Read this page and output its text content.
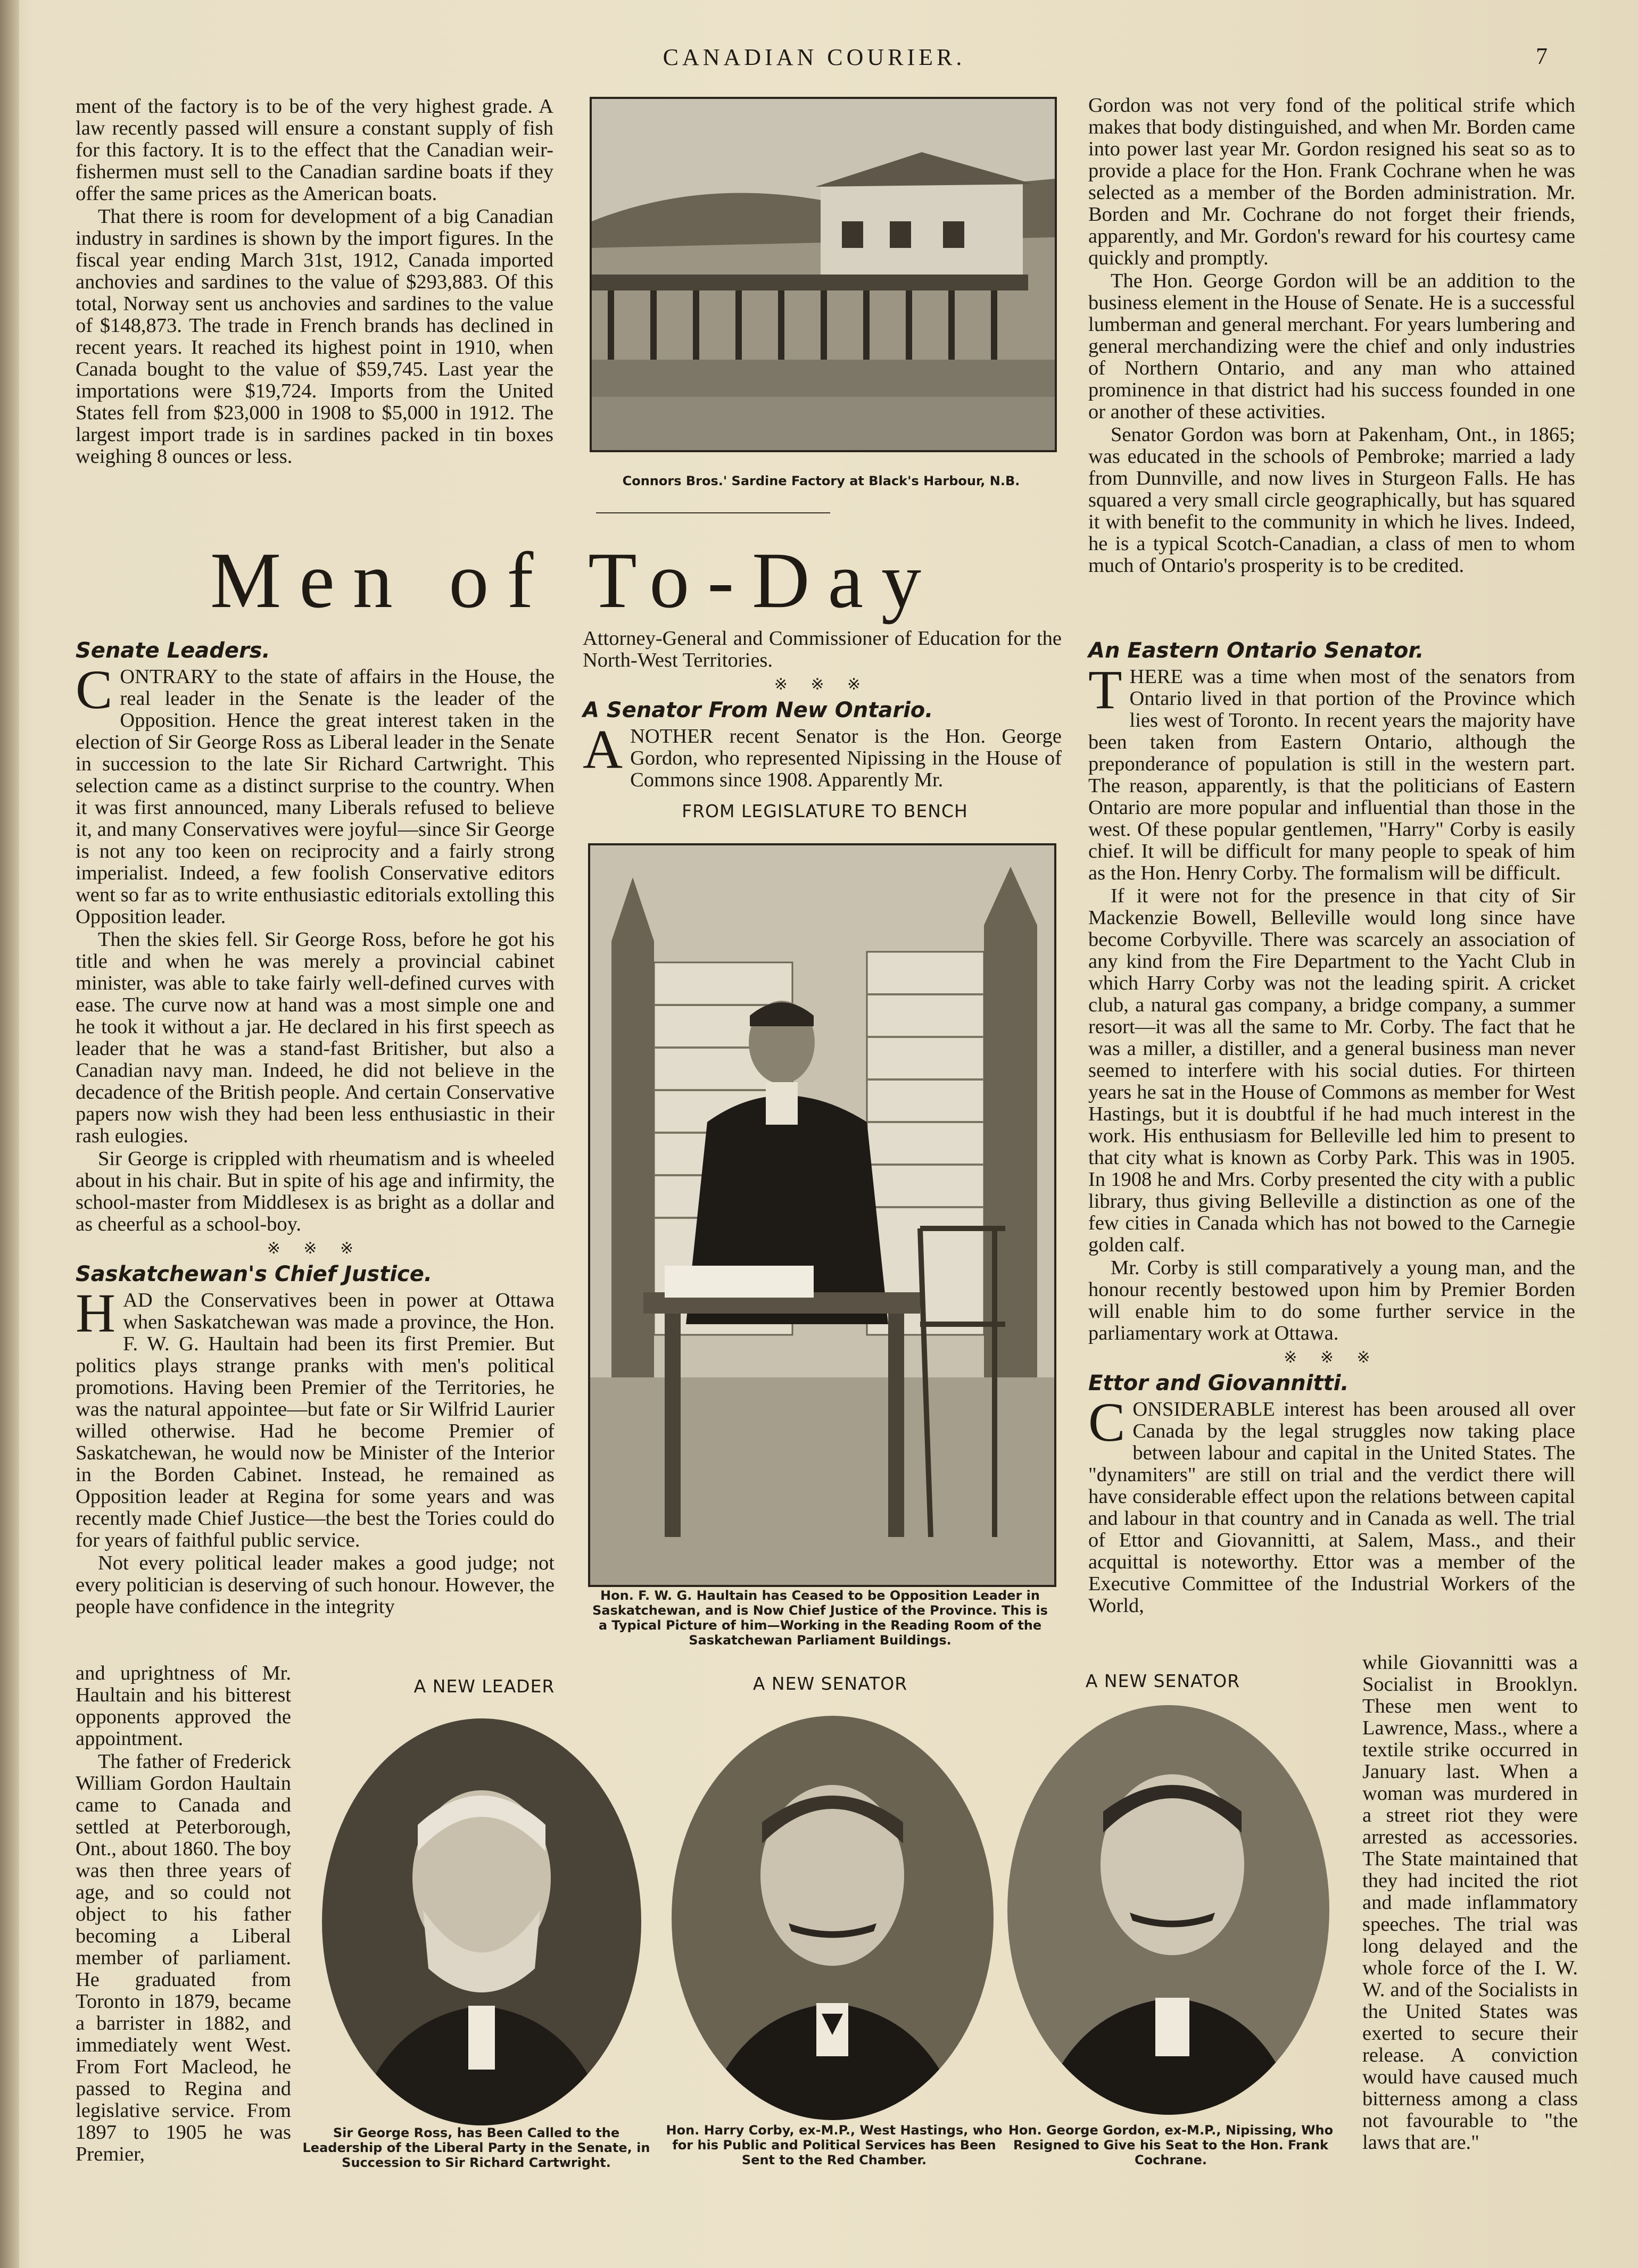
CANADIAN COURIER.	7

ment of the factory is to be of the very highest grade. A law recently passed will ensure a constant supply of fish for this factory. It is to the effect that the Canadian weir-fishermen must sell to the Canadian sardine boats if they offer the same prices as the American boats.

That there is room for development of a big Canadian industry in sardines is shown by the import figures. In the fiscal year ending March 31st, 1912, Canada imported anchovies and sardines to the value of $293,883. Of this total, Norway sent us anchovies and sardines to the value of $148,873. The trade in French brands has declined in recent years. It reached its highest point in 1910, when Canada bought to the value of $59,745. Last year the importations were $19,724. Imports from the United States fell from $23,000 in 1908 to $5,000 in 1912. The largest import trade is in sardines packed in tin boxes weighing 8 ounces or less.

Connors Bros.' Sardine Factory at Black's Harbour, N.B.

Gordon was not very fond of the political strife which makes that body distinguished, and when Mr. Borden came into power last year Mr. Gordon resigned his seat so as to provide a place for the Hon. Frank Cochrane when he was selected as a member of the Borden administration. Mr. Borden and Mr. Cochrane do not forget their friends, apparently, and Mr. Gordon's reward for his courtesy came quickly and promptly.

The Hon. George Gordon will be an addition to the business element in the House of Senate. He is a successful lumberman and general merchant. For years lumbering and general merchandizing were the chief and only industries of Northern Ontario, and any man who attained prominence in that district had his success founded in one or another of these activities.

Senator Gordon was born at Pakenham, Ont., in 1865; was educated in the schools of Pembroke; married a lady from Dunnville, and now lives in Sturgeon Falls. He has squared a very small circle geographically, but has squared it with benefit to the community in which he lives. Indeed, he is a typical Scotch-Canadian, a class of men to whom much of Ontario's prosperity is to be credited.

Men of To-Day
Senate Leaders.

CONTRARY to the state of affairs in the House, the real leader in the Senate is the leader of the Opposition. Hence the great interest taken in the election of Sir George Ross as Liberal leader in the Senate in succession to the late Sir Richard Cartwright. This selection came as a distinct surprise to the country. When it was first announced, many Liberals refused to believe it, and many Conservatives were joyful—since Sir George is not any too keen on reciprocity and a fairly strong imperialist. Indeed, a few foolish Conservative editors went so far as to write enthusiastic editorials extolling this Opposition leader.

Then the skies fell. Sir George Ross, before he got his title and when he was merely a provincial cabinet minister, was able to take fairly well-defined curves with ease. The curve now at hand was a most simple one and he took it without a jar. He declared in his first speech as leader that he was a stand-fast Britisher, but also a Canadian navy man. Indeed, he did not believe in the decadence of the British people. And certain Conservative papers now wish they had been less enthusiastic in their rash eulogies.

Sir George is crippled with rheumatism and is wheeled about in his chair. But in spite of his age and infirmity, the school-master from Middlesex is as bright as a dollar and as cheerful as a school-boy.

※ ※ ※
Saskatchewan's Chief Justice.

HAD the Conservatives been in power at Ottawa when Saskatchewan was made a province, the Hon. F. W. G. Haultain had been its first Premier. But politics plays strange pranks with men's political promotions. Having been Premier of the Territories, he was the natural appointee—but fate or Sir Wilfrid Laurier willed otherwise. Had he become Premier of Saskatchewan, he would now be Minister of the Interior in the Borden Cabinet. Instead, he remained as Opposition leader at Regina for some years and was recently made Chief Justice—the best the Tories could do for years of faithful public service.

Not every political leader makes a good judge; not every politician is deserving of such honour. However, the people have confidence in the integrity

and uprightness of Mr. Haultain and his bitterest opponents approved the appointment.

The father of Frederick William Gordon Haultain came to Canada and settled at Peterborough, Ont., about 1860. The boy was then three years of age, and so could not object to his father becoming a Liberal member of parliament. He graduated from Toronto in 1879, became a barrister in 1882, and immediately went West. From Fort Macleod, he passed to Regina and legislative service. From 1897 to 1905 he was Premier,

Attorney-General and Commissioner of Education for the North-West Territories.

※ ※ ※
A Senator From New Ontario.

ANOTHER recent Senator is the Hon. George Gordon, who represented Nipissing in the House of Commons since 1908. Apparently Mr.

FROM LEGISLATURE TO BENCH
Hon. F. W. G. Haultain has Ceased to be Opposition Leader in Saskatchewan, and is Now Chief Justice of the Province. This is a Typical Picture of him—Working in the Reading Room of the Saskatchewan Parliament Buildings.
An Eastern Ontario Senator.

THERE was a time when most of the senators from Ontario lived in that portion of the Province which lies west of Toronto. In recent years the majority have been taken from Eastern Ontario, although the preponderance of population is still in the western part. The reason, apparently, is that the politicians of Eastern Ontario are more popular and influential than those in the west. Of these popular gentlemen, "Harry" Corby is easily chief. It will be difficult for many people to speak of him as the Hon. Henry Corby. The formalism will be difficult.

If it were not for the presence in that city of Sir Mackenzie Bowell, Belleville would long since have become Corbyville. There was scarcely an association of any kind from the Fire Department to the Yacht Club in which Harry Corby was not the leading spirit. A cricket club, a natural gas company, a bridge company, a summer resort—it was all the same to Mr. Corby. The fact that he was a miller, a distiller, and a general business man never seemed to interfere with his social duties. For thirteen years he sat in the House of Commons as member for West Hastings, but it is doubtful if he had much interest in the work. His enthusiasm for Belleville led him to present to that city what is known as Corby Park. This was in 1905. In 1908 he and Mrs. Corby presented the city with a public library, thus giving Belleville a distinction as one of the few cities in Canada which has not bowed to the Carnegie golden calf.

Mr. Corby is still comparatively a young man, and the honour recently bestowed upon him by Premier Borden will enable him to do some further service in the parliamentary work at Ottawa.

※ ※ ※
Ettor and Giovannitti.

CONSIDERABLE interest has been aroused all over Canada by the legal struggles now taking place between labour and capital in the United States. The "dynamiters" are still on trial and the verdict there will have considerable effect upon the relations between capital and labour in that country and in Canada as well. The trial of Ettor and Giovannitti, at Salem, Mass., and their acquittal is noteworthy. Ettor was a member of the Executive Committee of the Industrial Workers of the World,

while Giovannitti was a Socialist in Brooklyn. These men went to Lawrence, Mass., where a textile strike occurred in January last. When a woman was murdered in a street riot they were arrested as accessories. The State maintained that they had incited the riot and made inflammatory speeches. The trial was long delayed and the whole force of the I. W. W. and of the Socialists in the United States was exerted to secure their release. A conviction would have caused much bitterness among a class not favourable to "the laws that are."

A NEW LEADER	A NEW SENATOR	A NEW SENATOR
Sir George Ross, has Been Called to the Leadership of the Liberal Party in the Senate, in Succession to Sir Richard Cartwright.
Hon. Harry Corby, ex-M.P., West Hastings, who for his Public and Political Services has Been Sent to the Red Chamber.
Hon. George Gordon, ex-M.P., Nipissing, Who Resigned to Give his Seat to the Hon. Frank Cochrane.
